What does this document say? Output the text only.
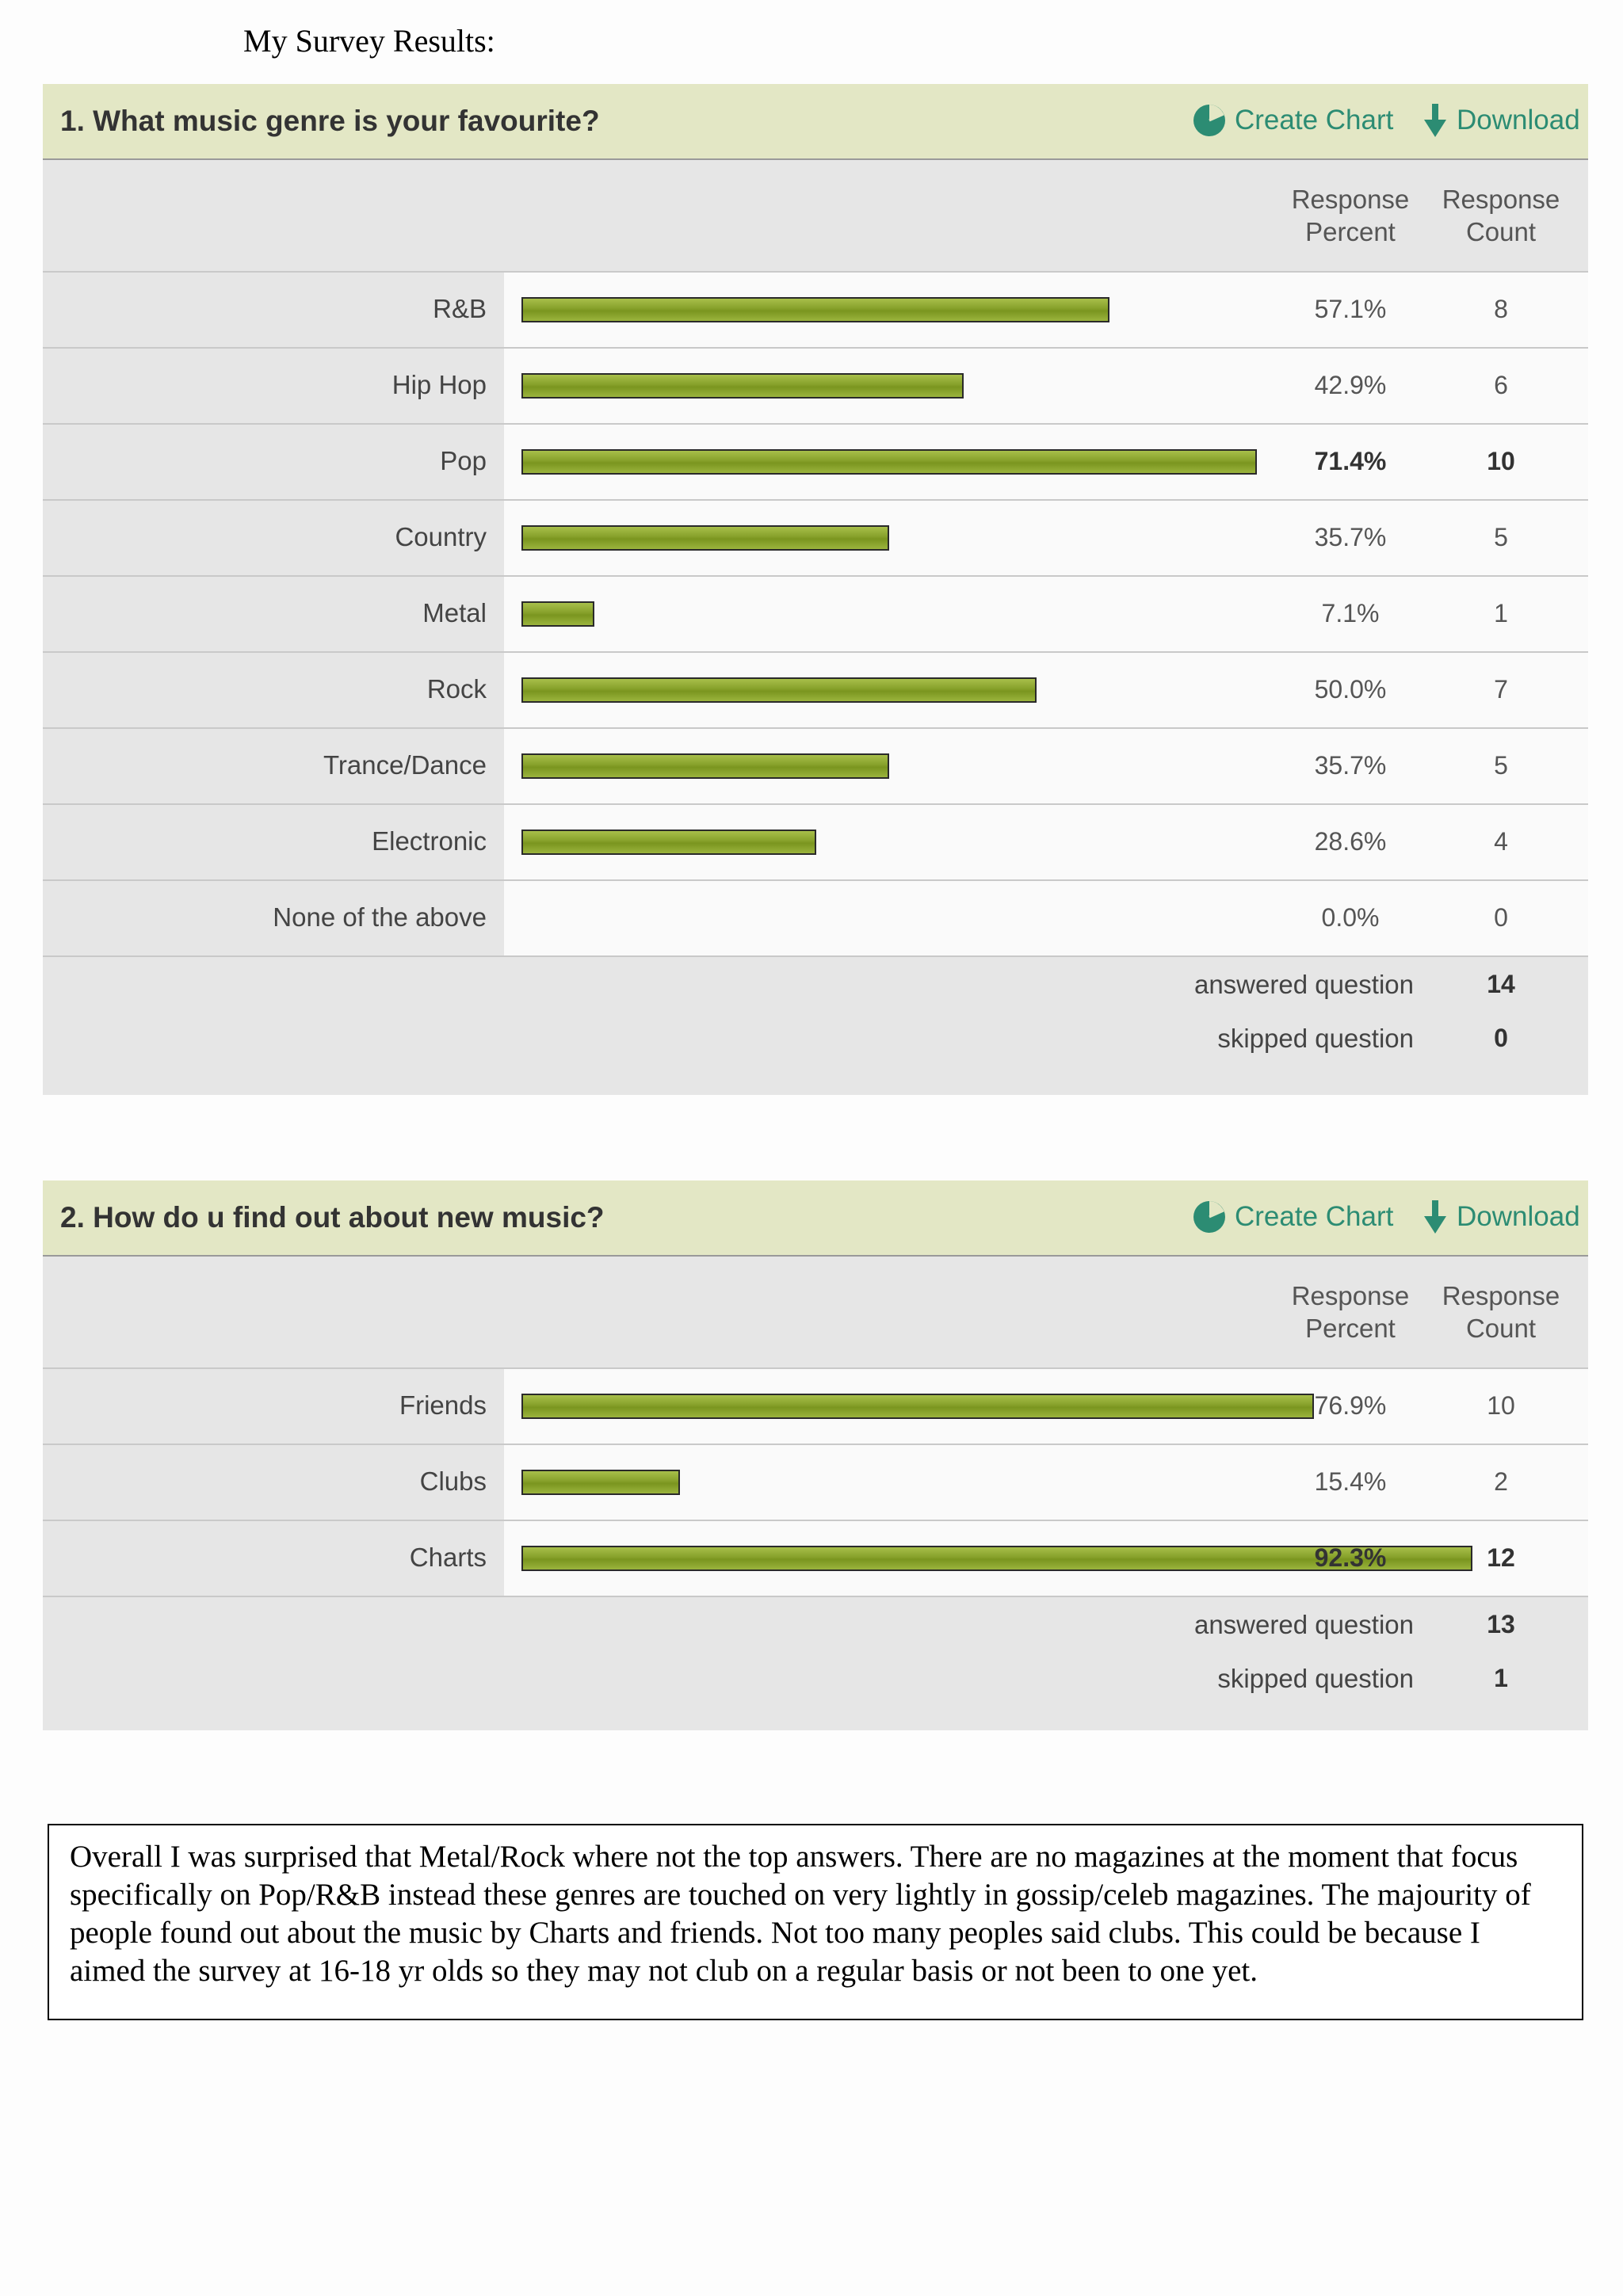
My Survey Results:
1. What music genre is your favourite?	Create Chart Download
Response
Percent
Response
Count
R&B	57.1%	8
Hip Hop	42.9%	6
Pop	71.4%	10
Country	35.7%	5
Metal	7.1%	1
Rock	50.0%	7
Trance/Dance	35.7%	5
Electronic	28.6%	4
None of the above	0.0%	0
answered question	14
skipped question	0
2. How do u find out about new music?	Create Chart Download
Response
Percent
Response
Count
Friends	76.9%	10
Clubs	15.4%	2
Charts	92.3%	12
answered question	13
skipped question	1
Overall I was surprised that Metal/Rock where not the top answers. There are no magazines at the moment that focus specifically on Pop/R&B instead these genres are touched on very lightly in gossip/celeb magazines. The majourity of people found out about the music by Charts and friends. Not too many peoples said clubs. This could be because I aimed the survey at 16-18 yr olds so they may not club on a regular basis or not been to one yet.
